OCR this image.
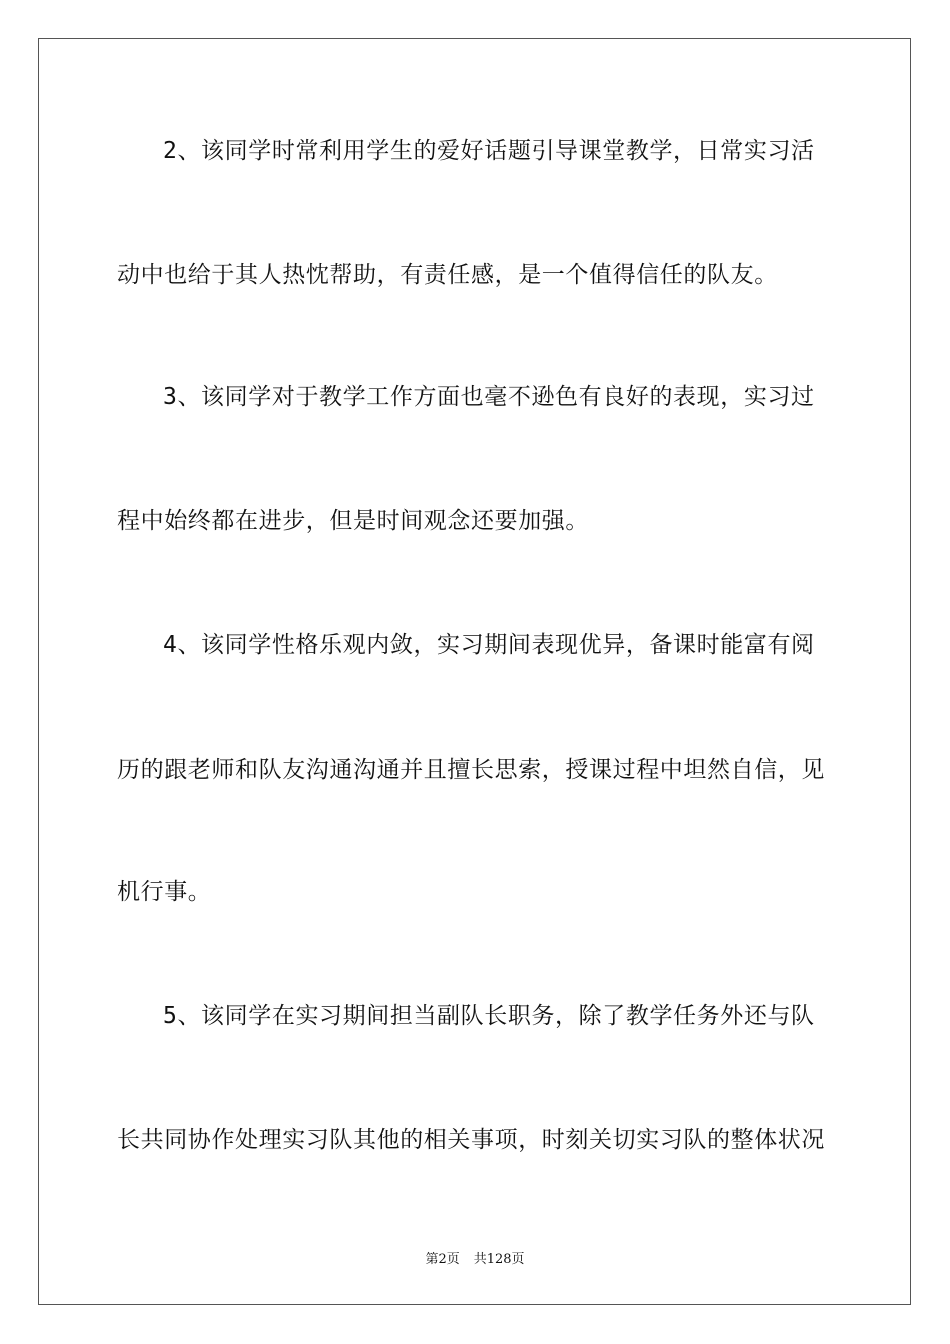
2、该同学时常利用学生的爱好话题引导课堂教学，日常实习活
动中也给于其人热忱帮助，有责任感，是一个值得信任的队友。
3、该同学对于教学工作方面也毫不逊色有良好的表现，实习过
程中始终都在进步，但是时间观念还要加强。
4、该同学性格乐观内敛，实习期间表现优异，备课时能富有阅
历的跟老师和队友沟通沟通并且擅长思索，授课过程中坦然自信，见
机行事。
5、该同学在实习期间担当副队长职务，除了教学任务外还与队
长共同协作处理实习队其他的相关事项，时刻关切实习队的整体状况
第2页 共128页
